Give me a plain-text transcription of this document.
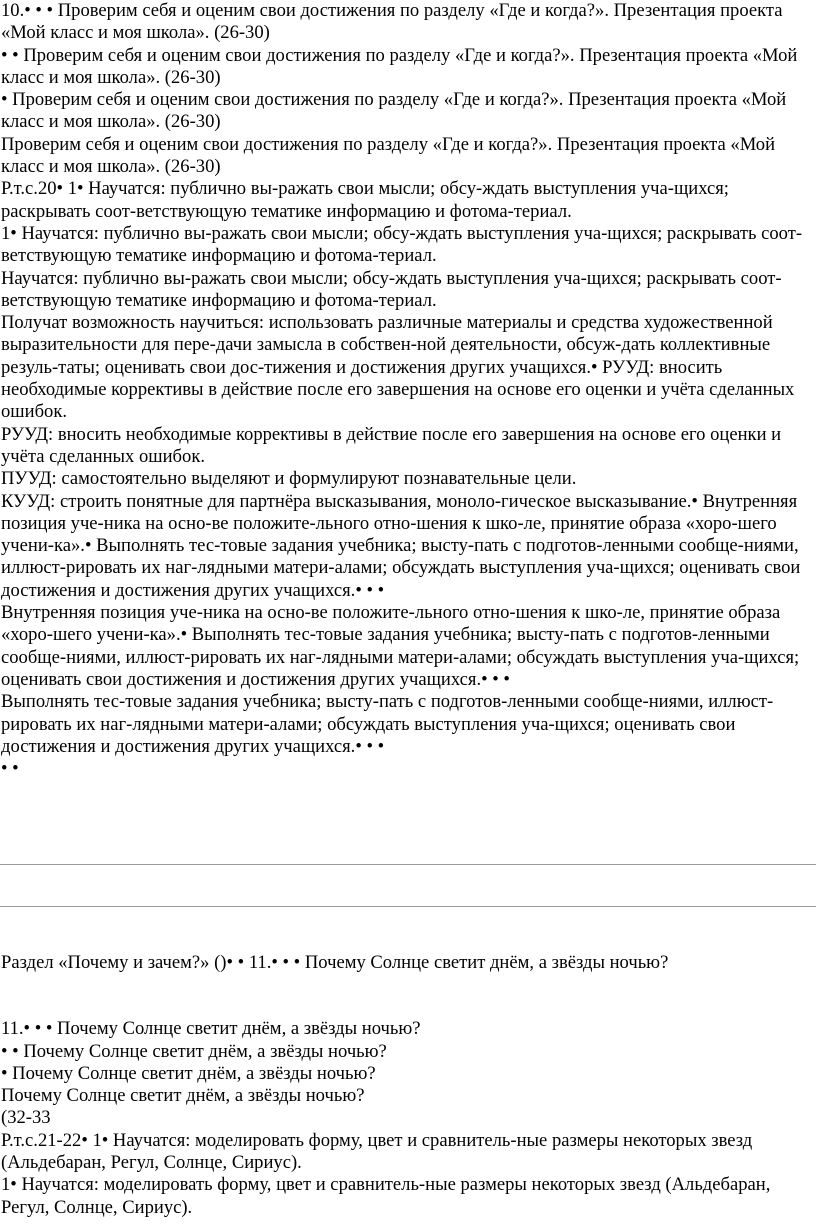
10.• • • Проверим себя и оценим свои достижения по разделу «Где и когда?». Презентация проекта «Мой класс и моя школа». (26-30)

• • Проверим себя и оценим свои достижения по разделу «Где и когда?». Презентация проекта «Мой класс и моя школа». (26-30)

• Проверим себя и оценим свои достижения по разделу «Где и когда?». Презентация проекта «Мой класс и моя школа». (26-30)

Проверим себя и оценим свои достижения по разделу «Где и когда?». Презентация проекта «Мой класс и моя школа». (26-30)

Р.т.с.20• 1• Научатся: публично вы-ражать свои мысли; обсу-ждать выступления уча-щихся; раскрывать соот-ветствующую тематике информацию и фотома-териал.

1• Научатся: публично вы-ражать свои мысли; обсу-ждать выступления уча-щихся; раскрывать соот-ветствующую тематике информацию и фотома-териал.

Научатся: публично вы-ражать свои мысли; обсу-ждать выступления уча-щихся; раскрывать соот-ветствующую тематике информацию и фотома-териал.

Получат возможность научиться: использовать различные материалы и средства художественной выразительности для пере-дачи замысла в собствен-ной деятельности, обсуж-дать коллективные резуль-таты; оценивать свои дос-тижения и достижения других учащихся.• РУУД: вносить необходимые коррективы в действие после его завершения на основе его оценки и учёта сделанных ошибок.

РУУД: вносить необходимые коррективы в действие после его завершения на основе его оценки и учёта сделанных ошибок.

ПУУД: самостоятельно выделяют и формулируют познавательные цели.

КУУД: строить понятные для партнёра высказывания, моноло-гическое высказывание.• Внутренняя позиция уче-ника на осно-ве положите-льного отно-шения к шко-ле, принятие образа «хоро-шего учени-ка».• Выполнять тес-товые задания учебника; высту-пать с подготов-ленными сообще-ниями, иллюст-рировать их наг-лядными матери-алами; обсуждать выступления уча-щихся; оценивать свои достижения и достижения других учащихся.• • •

Внутренняя позиция уче-ника на осно-ве положите-льного отно-шения к шко-ле, принятие образа «хоро-шего учени-ка».• Выполнять тес-товые задания учебника; высту-пать с подготов-ленными сообще-ниями, иллюст-рировать их наг-лядными матери-алами; обсуждать выступления уча-щихся; оценивать свои достижения и достижения других учащихся.• • •

Выполнять тес-товые задания учебника; высту-пать с подготов-ленными сообще-ниями, иллюст-рировать их наг-лядными матери-алами; обсуждать выступления уча-щихся; оценивать свои достижения и достижения других учащихся.• • •

• •

Раздел «Почему и зачем?» ()• • 11.• • • Почему Солнце светит днём, а звёзды ночью?

11.• • • Почему Солнце светит днём, а звёзды ночью?

• • Почему Солнце светит днём, а звёзды ночью?

• Почему Солнце светит днём, а звёзды ночью?

Почему Солнце светит днём, а звёзды ночью?

(32-33

Р.т.с.21-22• 1• Научатся: моделировать форму, цвет и сравнитель-ные размеры некоторых звезд (Альдебаран, Регул, Солнце, Сириус).

1• Научатся: моделировать форму, цвет и сравнитель-ные размеры некоторых звезд (Альдебаран, Регул, Солнце, Сириус).
